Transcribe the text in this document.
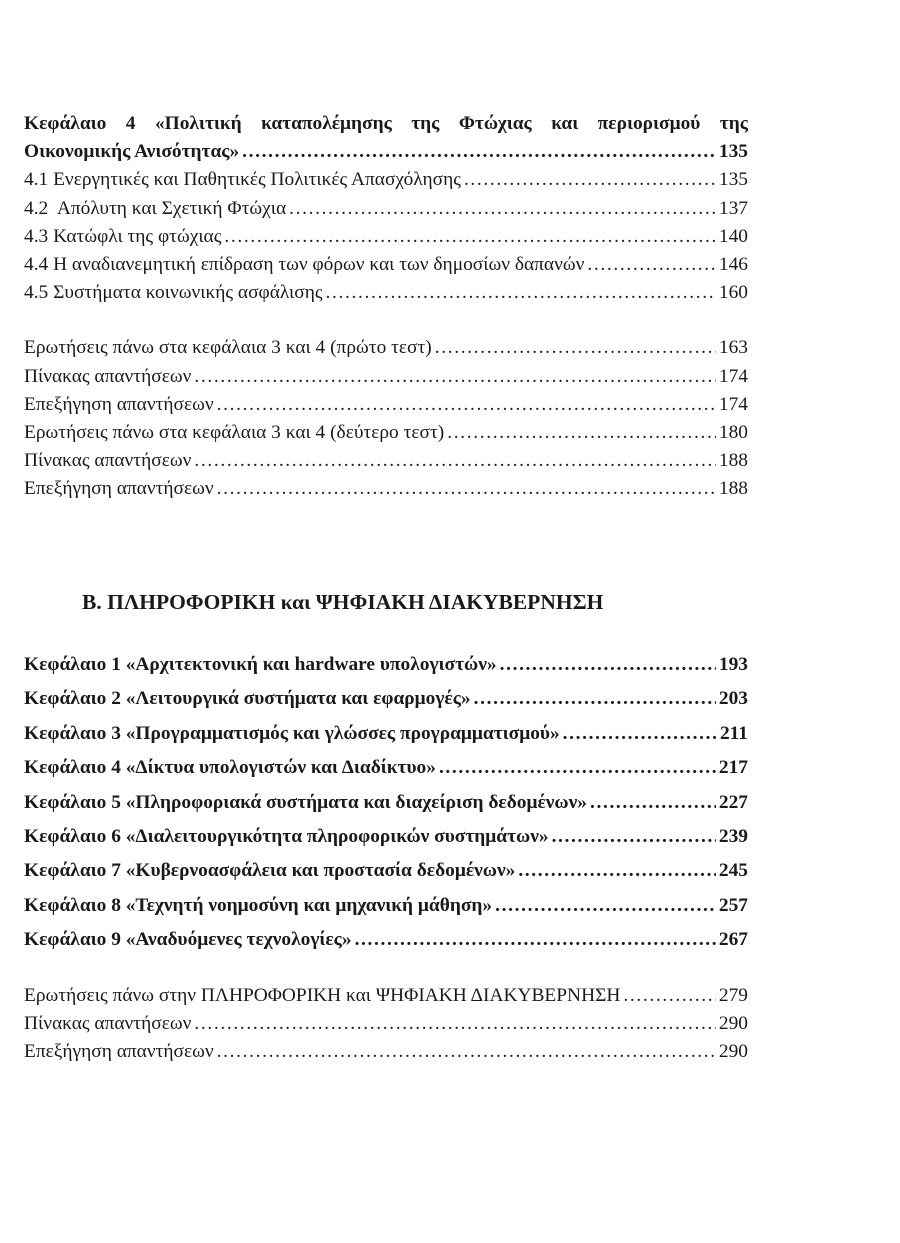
Κεφάλαιο 4 «Πολιτική καταπολέμησης της Φτώχιας και περιορισμού της
Οικονομικής Ανισότητας» . . .	135
4.1 Ενεργητικές και Παθητικές Πολιτικές Απασχόλησης . . .	135
4.2  Απόλυτη και Σχετική Φτώχια . . .	137
4.3 Κατώφλι της φτώχιας . . .	140
4.4 Η αναδιανεμητική επίδραση των φόρων και των δημοσίων δαπανών . . .	146
4.5 Συστήματα κοινωνικής ασφάλισης . . .	160
Ερωτήσεις πάνω στα κεφάλαια 3 και 4 (πρώτο τεστ) . . .	163
Πίνακας απαντήσεων . . .	174
Επεξήγηση απαντήσεων . . .	174
Ερωτήσεις πάνω στα κεφάλαια 3 και 4 (δεύτερο τεστ) . . .	180
Πίνακας απαντήσεων . . .	188
Επεξήγηση απαντήσεων . . .	188
Β. ΠΛΗΡΟΦΟΡΙΚΗ και ΨΗΦΙΑΚΗ ΔΙΑΚΥΒΕΡΝΗΣΗ
Κεφάλαιο 1 «Αρχιτεκτονική και hardware υπολογιστών» . . .	193
Κεφάλαιο 2 «Λειτουργικά συστήματα και εφαρμογές» . . .	203
Κεφάλαιο 3 «Προγραμματισμός και γλώσσες προγραμματισμού» . . .	211
Κεφάλαιο 4 «Δίκτυα υπολογιστών και Διαδίκτυο» . . .	217
Κεφάλαιο 5 «Πληροφοριακά συστήματα και διαχείριση δεδομένων» . . .	227
Κεφάλαιο 6 «Διαλειτουργικότητα πληροφορικών συστημάτων» . . .	239
Κεφάλαιο 7 «Κυβερνοασφάλεια και προστασία δεδομένων» . . .	245
Κεφάλαιο 8 «Τεχνητή νοημοσύνη και μηχανική μάθηση» . . .	257
Κεφάλαιο 9 «Αναδυόμενες τεχνολογίες» . . .	267
Ερωτήσεις πάνω στην ΠΛΗΡΟΦΟΡΙΚΗ και ΨΗΦΙΑΚΗ ΔΙΑΚΥΒΕΡΝΗΣΗ . . .	279
Πίνακας απαντήσεων . . .	290
Επεξήγηση απαντήσεων . . .	290
